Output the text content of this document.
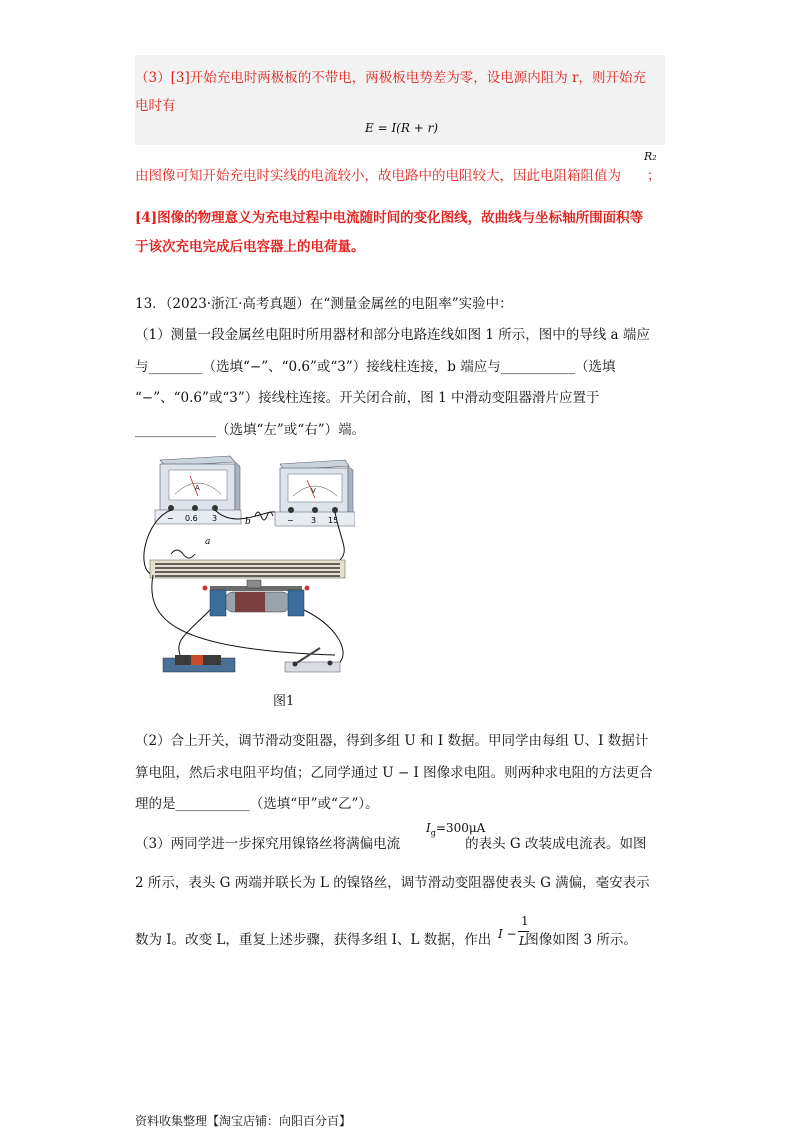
（3）[3]开始充电时两极板的不带电，两极板电势差为零，设电源内阻为 r，则开始充
电时有
E = I(R + r)
由图像可知开始充电时实线的电流较小，故电路中的电阻较大，因此电阻箱阻值为 ；
R₂
[4]图像的物理意义为充电过程中电流随时间的变化图线，故曲线与坐标轴所围面积等
于该次充电完成后电容器上的电荷量。
13．（2023·浙江·高考真题）在“测量金属丝的电阻率”实验中：
（1）测量一段金属丝电阻时所用器材和部分电路连线如图 1 所示，图中的导线 a 端应
与________（选填“−”、“0.6”或“3”）接线柱连接，b 端应与___________（选填
“−”、“0.6”或“3”）接线柱连接。开关闭合前，图 1 中滑动变阻器滑片应置于
____________（选填“左”或“右”）端。
A
− 0.6 3
V
− 3 15
b
a
图1
（2）合上开关，调节滑动变阻器，得到多组 U 和 I 数据。甲同学由每组 U、I 数据计
算电阻，然后求电阻平均值；乙同学通过 U − I 图像求电阻。则两种求电阻的方法更合
理的是___________（选填“甲”或“乙”）。
（3）两同学进一步探究用镍铬丝将满偏电流	的表头 G 改装成电流表。如图
$I_g=300\mu A$
2 所示，表头 G 两端并联长为 L 的镍铬丝，调节滑动变阻器使表头 G 满偏，毫安表示
数为 I。改变 L，重复上述步骤，获得多组 I、L 数据，作出	图像如图 3 所示。
I −
1
L
资料收集整理【淘宝店铺：向阳百分百】
